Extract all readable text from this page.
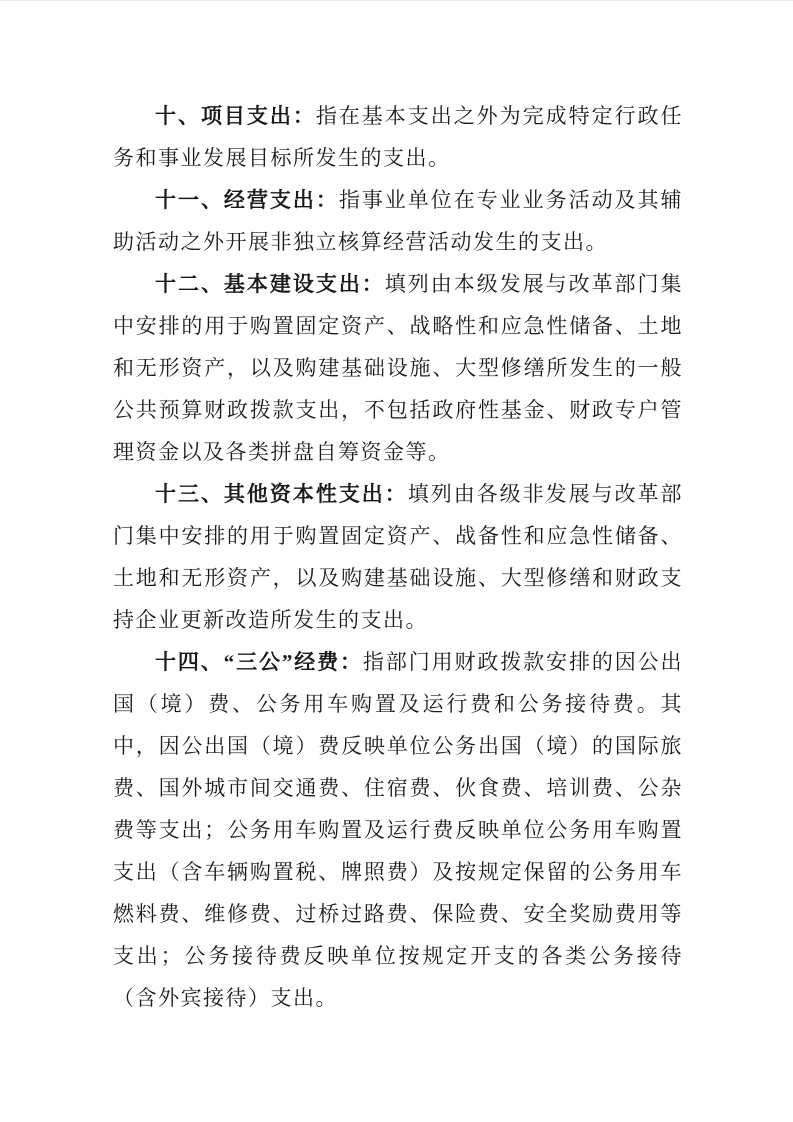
十、项目支出：指在基本支出之外为完成特定行政任务和事业发展目标所发生的支出。

十一、经营支出：指事业单位在专业业务活动及其辅助活动之外开展非独立核算经营活动发生的支出。

十二、基本建设支出：填列由本级发展与改革部门集中安排的用于购置固定资产、战略性和应急性储备、土地和无形资产，以及购建基础设施、大型修缮所发生的一般公共预算财政拨款支出，不包括政府性基金、财政专户管理资金以及各类拼盘自筹资金等。

十三、其他资本性支出：填列由各级非发展与改革部门集中安排的用于购置固定资产、战备性和应急性储备、土地和无形资产，以及购建基础设施、大型修缮和财政支持企业更新改造所发生的支出。

十四、“三公”经费：指部门用财政拨款安排的因公出国（境）费、公务用车购置及运行费和公务接待费。其中，因公出国（境）费反映单位公务出国（境）的国际旅费、国外城市间交通费、住宿费、伙食费、培训费、公杂费等支出；公务用车购置及运行费反映单位公务用车购置支出（含车辆购置税、牌照费）及按规定保留的公务用车燃料费、维修费、过桥过路费、保险费、安全奖励费用等支出；公务接待费反映单位按规定开支的各类公务接待（含外宾接待）支出。
